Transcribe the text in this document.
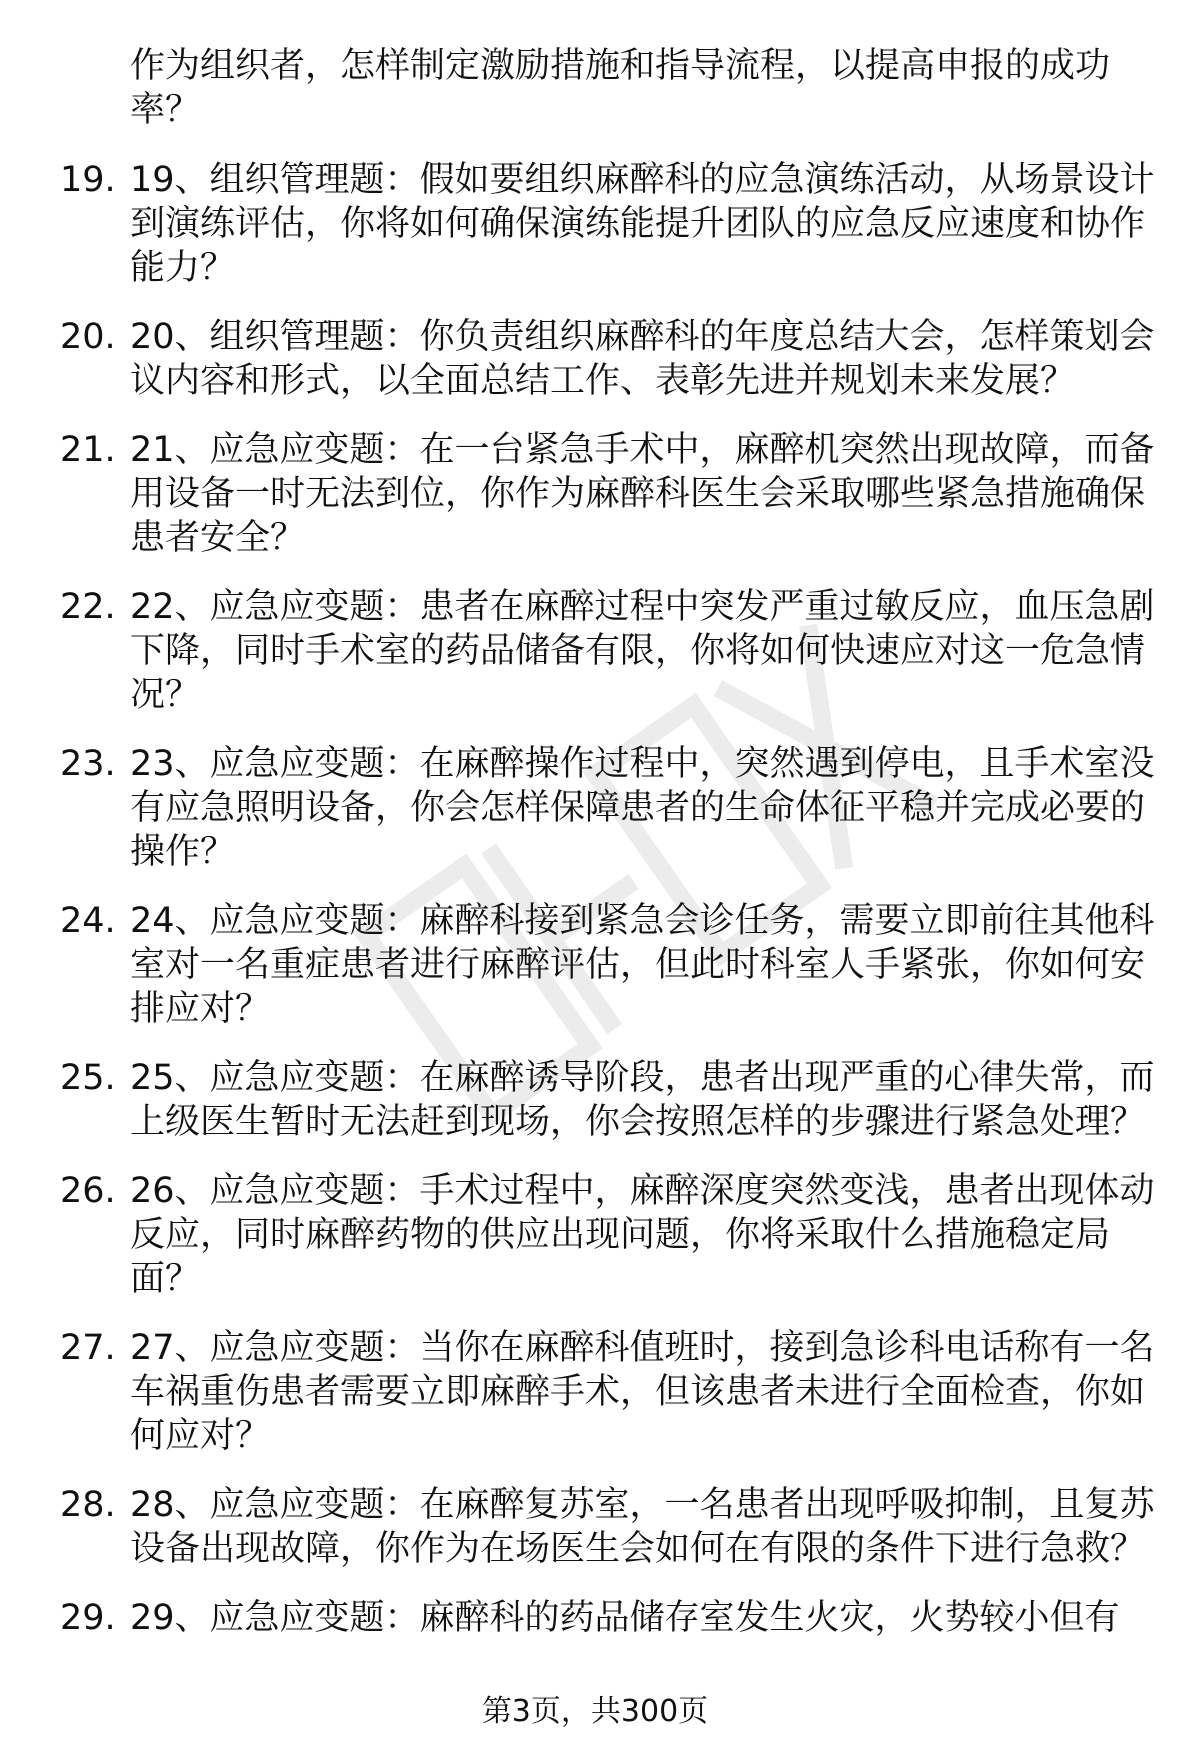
作为组织者，怎样制定激励措施和指导流程，以提高申报的成功率？
19. 19、组织管理题：假如要组织麻醉科的应急演练活动，从场景设计到演练评估，你将如何确保演练能提升团队的应急反应速度和协作能力？
20. 20、组织管理题：你负责组织麻醉科的年度总结大会，怎样策划会议内容和形式，以全面总结工作、表彰先进并规划未来发展？
21. 21、应急应变题：在一台紧急手术中，麻醉机突然出现故障，而备用设备一时无法到位，你作为麻醉科医生会采取哪些紧急措施确保患者安全？
22. 22、应急应变题：患者在麻醉过程中突发严重过敏反应，血压急剧下降，同时手术室的药品储备有限，你将如何快速应对这一危急情况？
23. 23、应急应变题：在麻醉操作过程中，突然遇到停电，且手术室没有应急照明设备，你会怎样保障患者的生命体征平稳并完成必要的操作？
24. 24、应急应变题：麻醉科接到紧急会诊任务，需要立即前往其他科室对一名重症患者进行麻醉评估，但此时科室人手紧张，你如何安排应对？
25. 25、应急应变题：在麻醉诱导阶段，患者出现严重的心律失常，而上级医生暂时无法赶到现场，你会按照怎样的步骤进行紧急处理？
26. 26、应急应变题：手术过程中，麻醉深度突然变浅，患者出现体动反应，同时麻醉药物的供应出现问题，你将采取什么措施稳定局面？
27. 27、应急应变题：当你在麻醉科值班时，接到急诊科电话称有一名车祸重伤患者需要立即麻醉手术，但该患者未进行全面检查，你如何应对？
28. 28、应急应变题：在麻醉复苏室，一名患者出现呼吸抑制，且复苏设备出现故障，你作为在场医生会如何在有限的条件下进行急救？
29. 29、应急应变题：麻醉科的药品储存室发生火灾，火势较小但有
第3页，共300页
